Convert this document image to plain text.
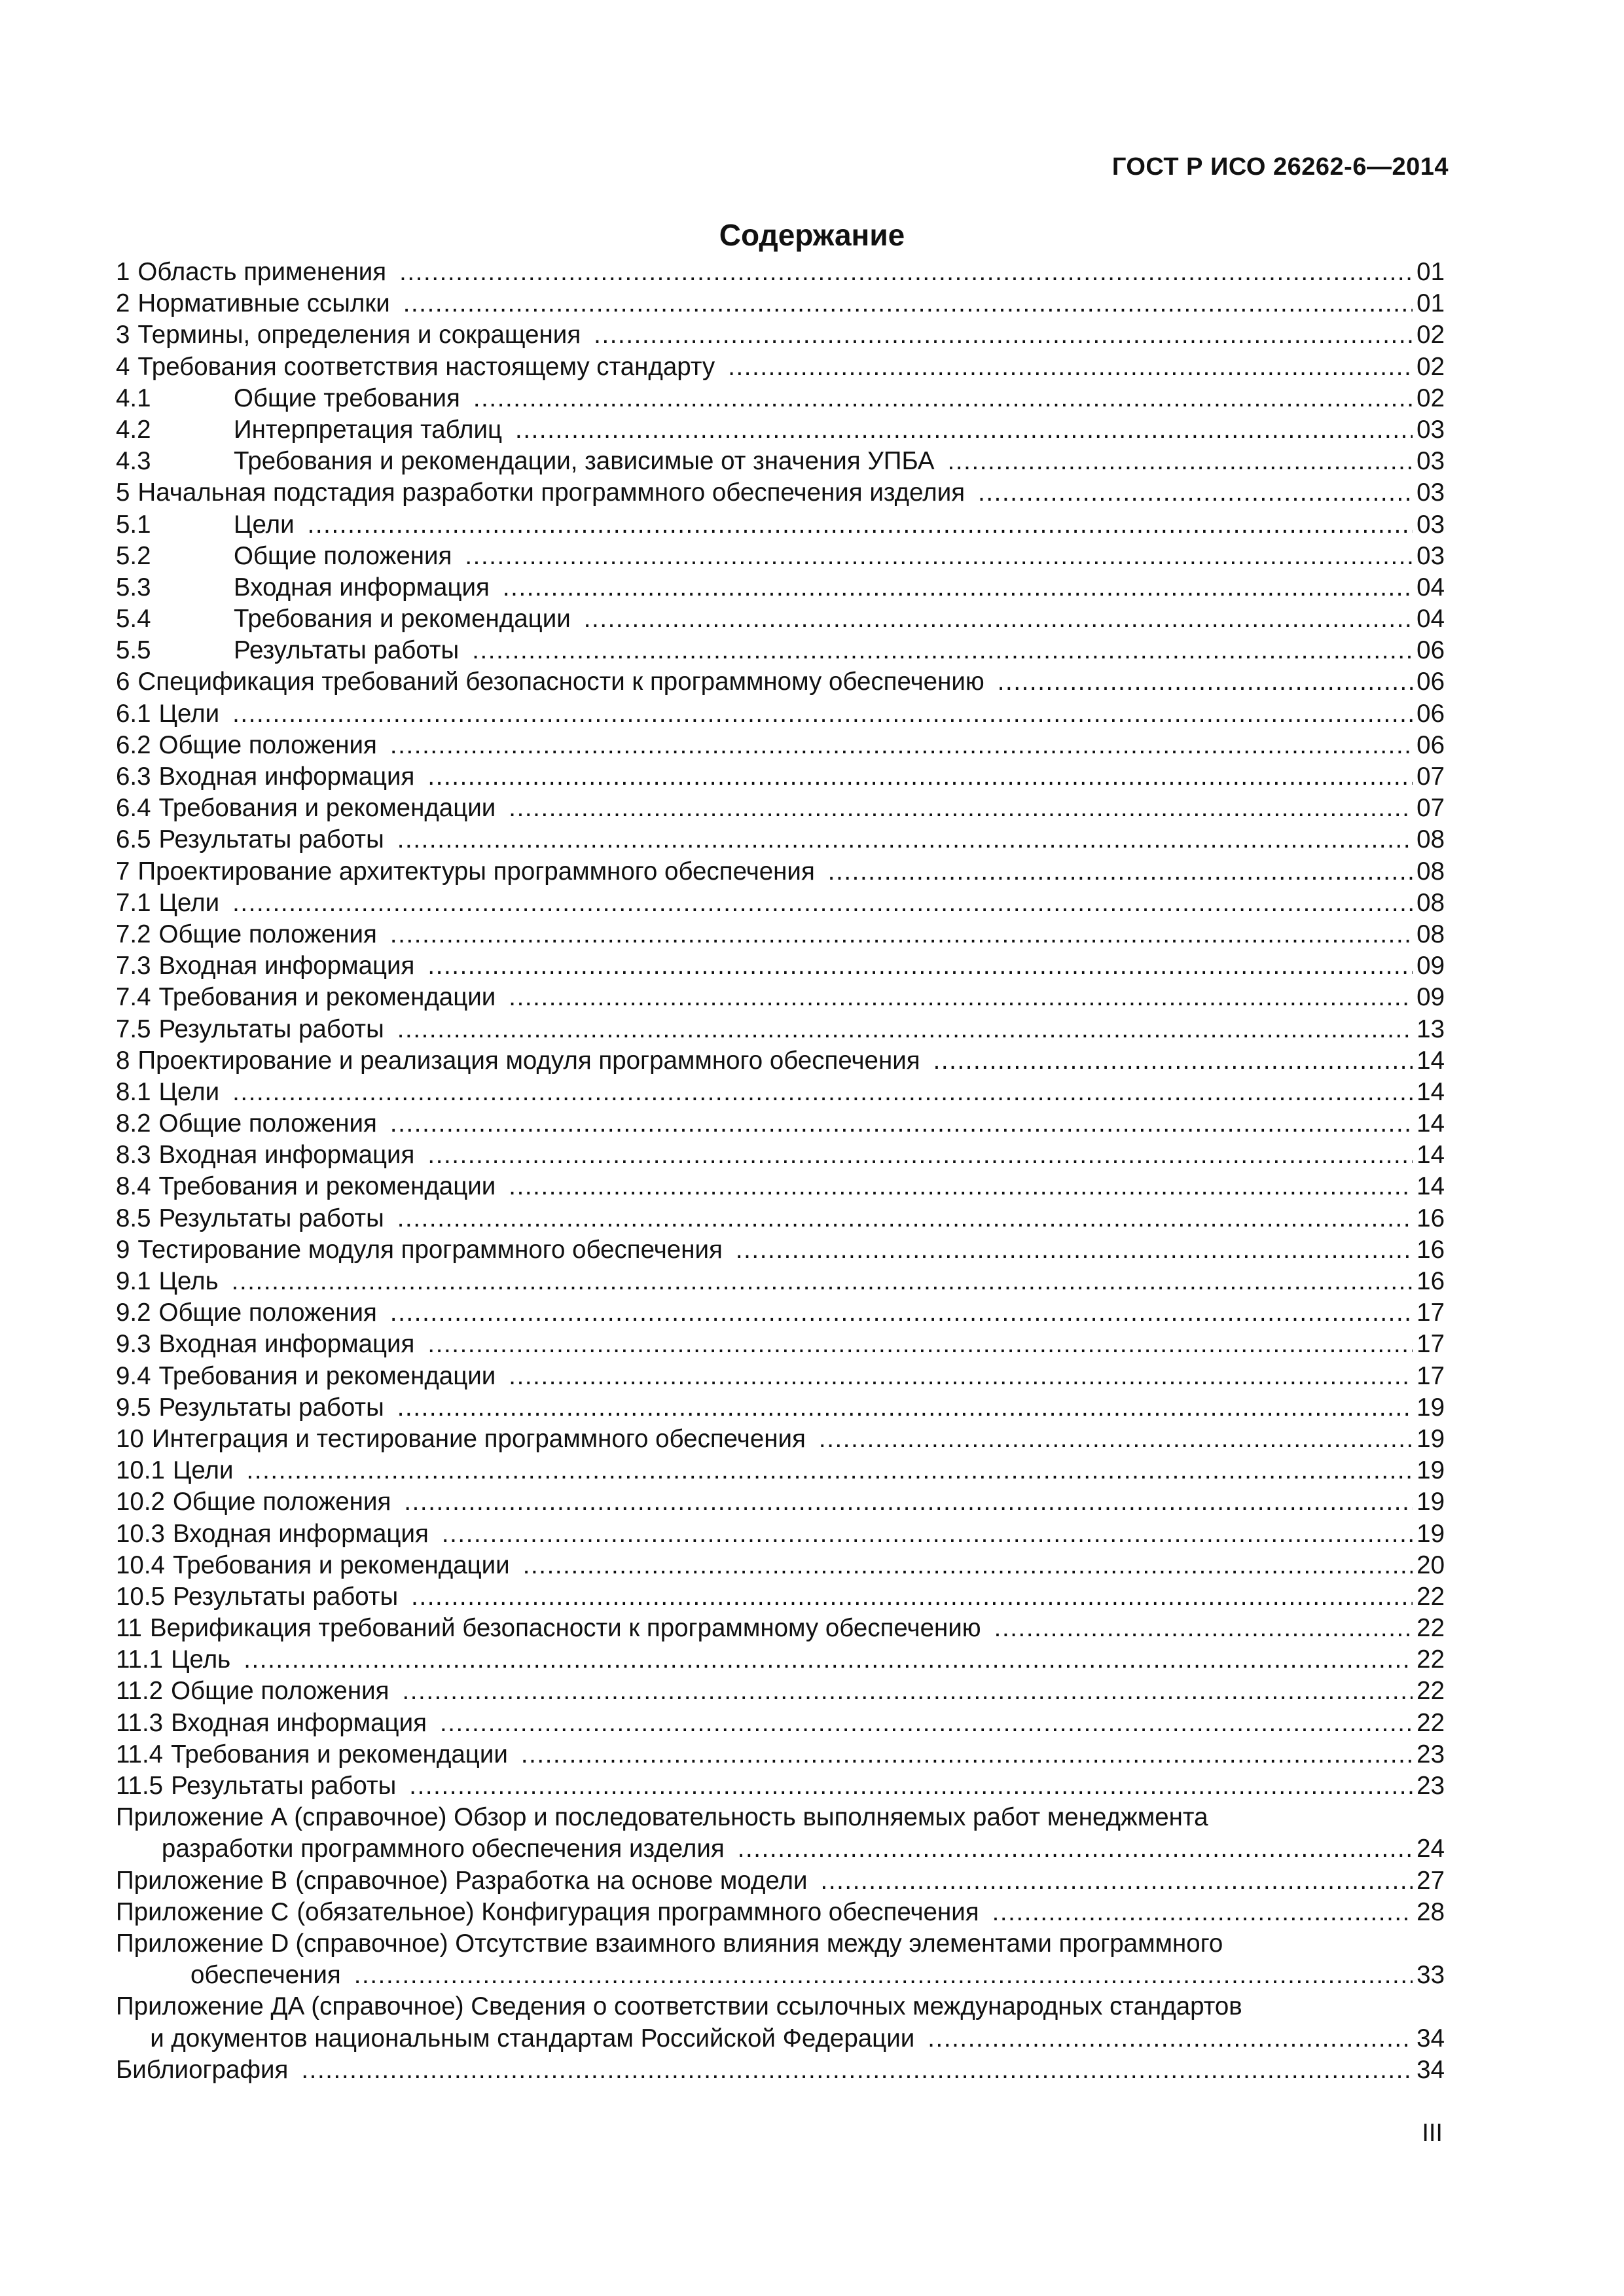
ГОСТ Р ИСО 26262-6—2014
Содержание
1 Область применения .....	01
2 Нормативные ссылки .....	01
3 Термины, определения и сокращения .....	02
4 Требования соответствия настоящему стандарту .....	02
4.1	Общие требования .....	02
4.2	Интерпретация таблиц .....	03
4.3	Требования и рекомендации, зависимые от значения УПБА .....	03
5 Начальная подстадия разработки программного обеспечения изделия .....	03
5.1	Цели .....	03
5.2	Общие положения .....	03
5.3	Входная информация .....	04
5.4	Требования и рекомендации .....	04
5.5	Результаты работы .....	06
6 Спецификация требований безопасности к программному обеспечению .....	06
6.1 Цели .....	06
6.2 Общие положения .....	06
6.3 Входная информация .....	07
6.4 Требования и рекомендации .....	07
6.5 Результаты работы .....	08
7 Проектирование архитектуры программного обеспечения .....	08
7.1 Цели .....	08
7.2 Общие положения .....	08
7.3 Входная информация .....	09
7.4 Требования и рекомендации .....	09
7.5 Результаты работы .....	13
8 Проектирование и реализация модуля программного обеспечения .....	14
8.1 Цели .....	14
8.2 Общие положения .....	14
8.3 Входная информация .....	14
8.4 Требования и рекомендации .....	14
8.5 Результаты работы .....	16
9 Тестирование модуля программного обеспечения .....	16
9.1 Цель .....	16
9.2 Общие положения .....	17
9.3 Входная информация .....	17
9.4 Требования и рекомендации .....	17
9.5 Результаты работы .....	19
10 Интеграция и тестирование программного обеспечения .....	19
10.1 Цели .....	19
10.2 Общие положения .....	19
10.3 Входная информация .....	19
10.4 Требования и рекомендации .....	20
10.5 Результаты работы .....	22
11 Верификация требований безопасности к программному обеспечению .....	22
11.1 Цель .....	22
11.2 Общие положения .....	22
11.3 Входная информация .....	22
11.4 Требования и рекомендации .....	23
11.5 Результаты работы .....	23
Приложение А (справочное) Обзор и последовательность выполняемых работ менеджмента
разработки программного обеспечения изделия .....	24
Приложение В (справочное) Разработка на основе модели .....	27
Приложение С (обязательное) Конфигурация программного обеспечения .....	28
Приложение D (справочное) Отсутствие взаимного влияния между элементами программного
обеспечения .....	33
Приложение ДА (справочное) Сведения о соответствии ссылочных международных стандартов
и документов национальным стандартам Российской Федерации .....	34
Библиография .....	34
III
